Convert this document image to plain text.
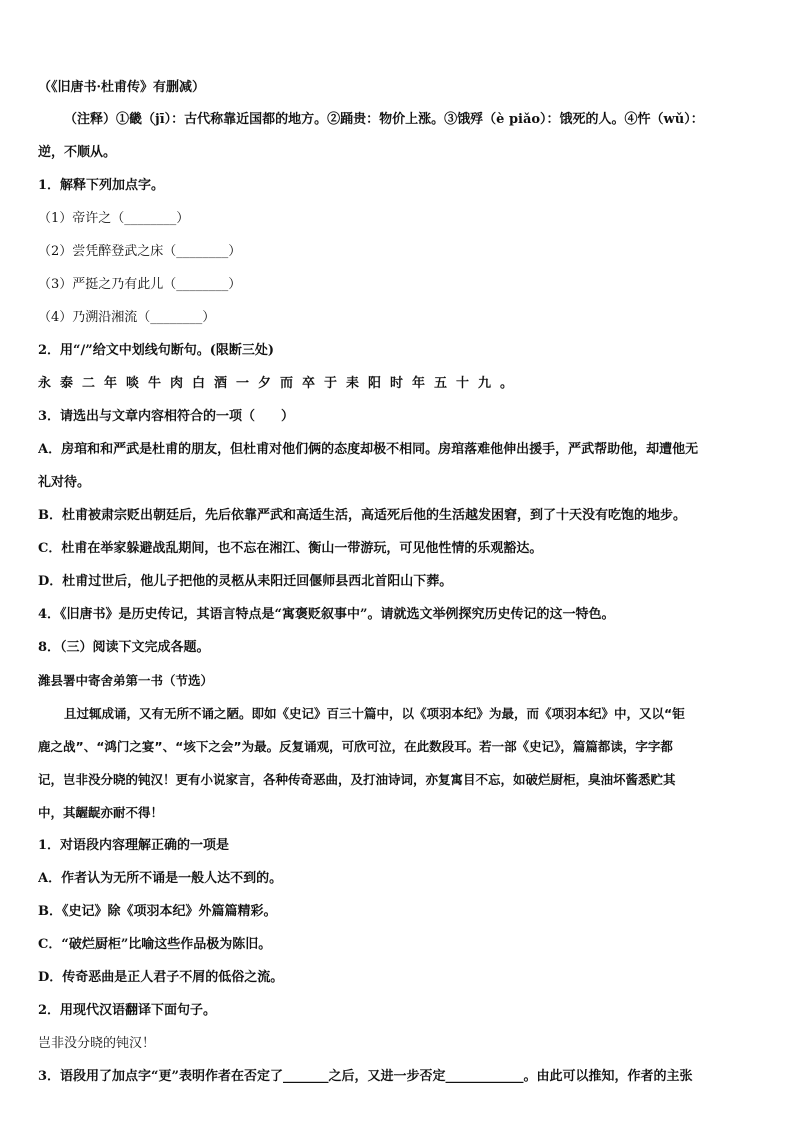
（《旧唐书·杜甫传》有删减）
（注释）①畿（jī）：古代称靠近国都的地方。②踊贵：物价上涨。③饿殍（è piǎo）：饿死的人。④忤（wǔ）：
逆，不顺从。
1．解释下列加点字。
（1）帝许之（________）
（2）尝凭醉登武之床（________）
（3）严挺之乃有此儿（________）
（4）乃溯沿湘流（________）
2．用“/”给文中划线句断句。(限断三处)
永泰二年啖牛肉白酒一夕而卒于耒阳时年五十九。
3．请选出与文章内容相符合的一项（　　）
A．房琯和和严武是杜甫的朋友，但杜甫对他们俩的态度却极不相同。房琯落难他伸出援手，严武帮助他，却遭他无
礼对待。
B．杜甫被肃宗贬出朝廷后，先后依靠严武和高适生活，高适死后他的生活越发困窘，到了十天没有吃饱的地步。
C．杜甫在举家躲避战乱期间，也不忘在湘江、衡山一带游玩，可见他性情的乐观豁达。
D．杜甫过世后，他儿子把他的灵柩从耒阳迁回偃师县西北首阳山下葬。
4．《旧唐书》是历史传记，其语言特点是“寓褒贬叙事中”。请就选文举例探究历史传记的这一特色。
8．（三）阅读下文完成各题。
潍县署中寄舍弟第一书（节选）
且过辄成诵，又有无所不诵之陋。即如《史记》百三十篇中，以《项羽本纪》为最，而《项羽本纪》中，又以“钜
鹿之战”、“鸿门之宴”、“垓下之会”为最。反复诵观，可欣可泣，在此数段耳。若一部《史记》，篇篇都读，字字都
记，岂非没分晓的钝汉！更有小说家言，各种传奇恶曲，及打油诗词，亦复寓目不忘，如破烂厨柜，臭油坏酱悉贮其
中，其龌龊亦耐不得！
1．对语段内容理解正确的一项是
A．作者认为无所不诵是一般人达不到的。
B．《史记》除《项羽本纪》外篇篇精彩。
C．“破烂厨柜”比喻这些作品极为陈旧。
D．传奇恶曲是正人君子不屑的低俗之流。
2．用现代汉语翻译下面句子。
岂非没分晓的钝汉！
3．语段用了加点字“更”表明作者在否定了_______之后，又进一步否定____________。由此可以推知，作者的主张
